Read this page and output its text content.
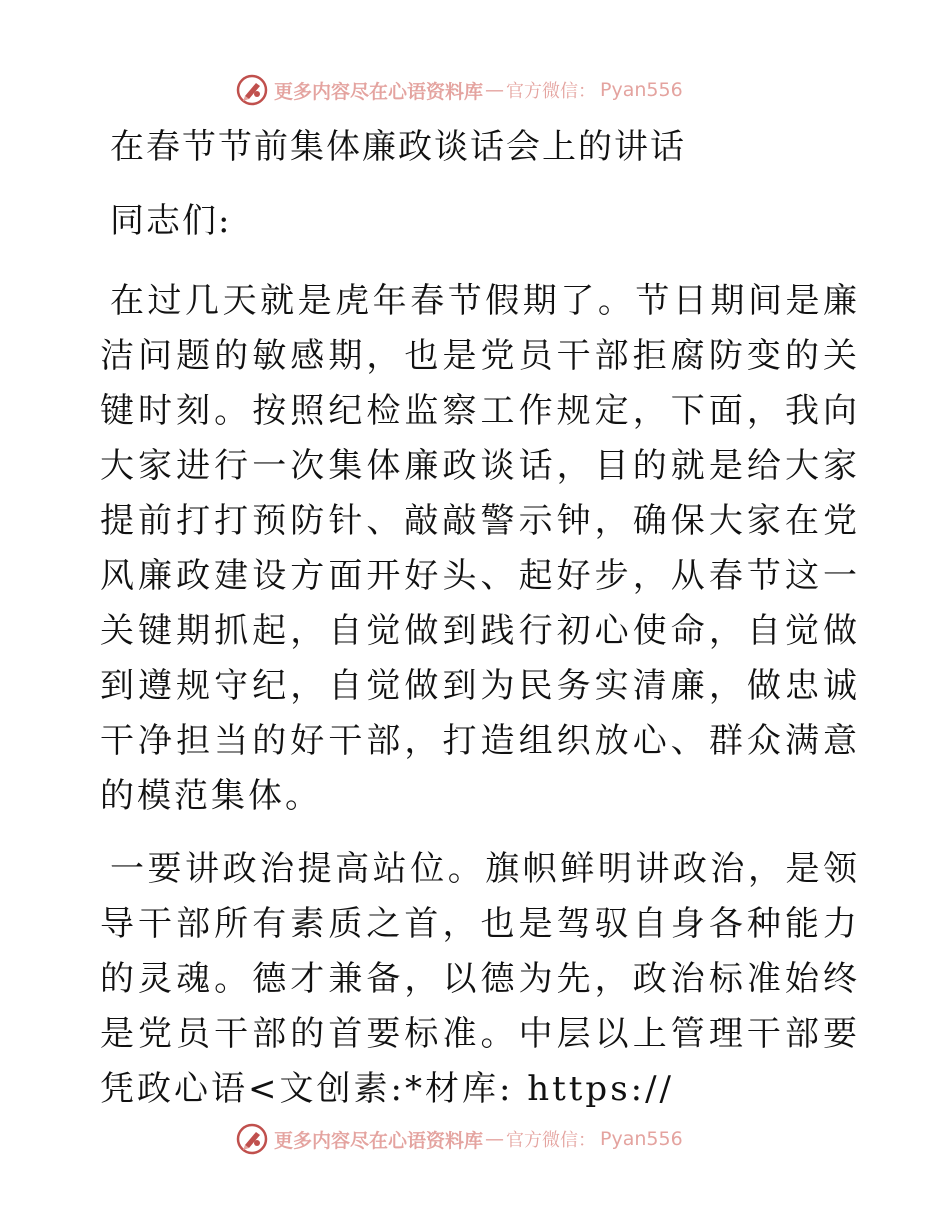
更多内容尽在心语资料库 — 官方微信： Pyan556
在春节节前集体廉政谈话会上的讲话

同志们:

在过几天就是虎年春节假期了。节日期间是廉洁问题的敏感期，也是党员干部拒腐防变的关键时刻。按照纪检监察工作规定，下面，我向大家进行一次集体廉政谈话，目的就是给大家提前打打预防针、敲敲警示钟，确保大家在党风廉政建设方面开好头、起好步，从春节这一关键期抓起，自觉做到践行初心使命，自觉做到遵规守纪，自觉做到为民务实清廉，做忠诚干净担当的好干部，打造组织放心、群众满意的模范集体。

一要讲政治提高站位。旗帜鲜明讲政治，是领导干部所有素质之首，也是驾驭自身各种能力的灵魂。德才兼备，以德为先，政治标准始终是党员干部的首要标准。中层以上管理干部要凭政心语<文创素:*材库: https://

更多内容尽在心语资料库 — 官方微信： Pyan556
